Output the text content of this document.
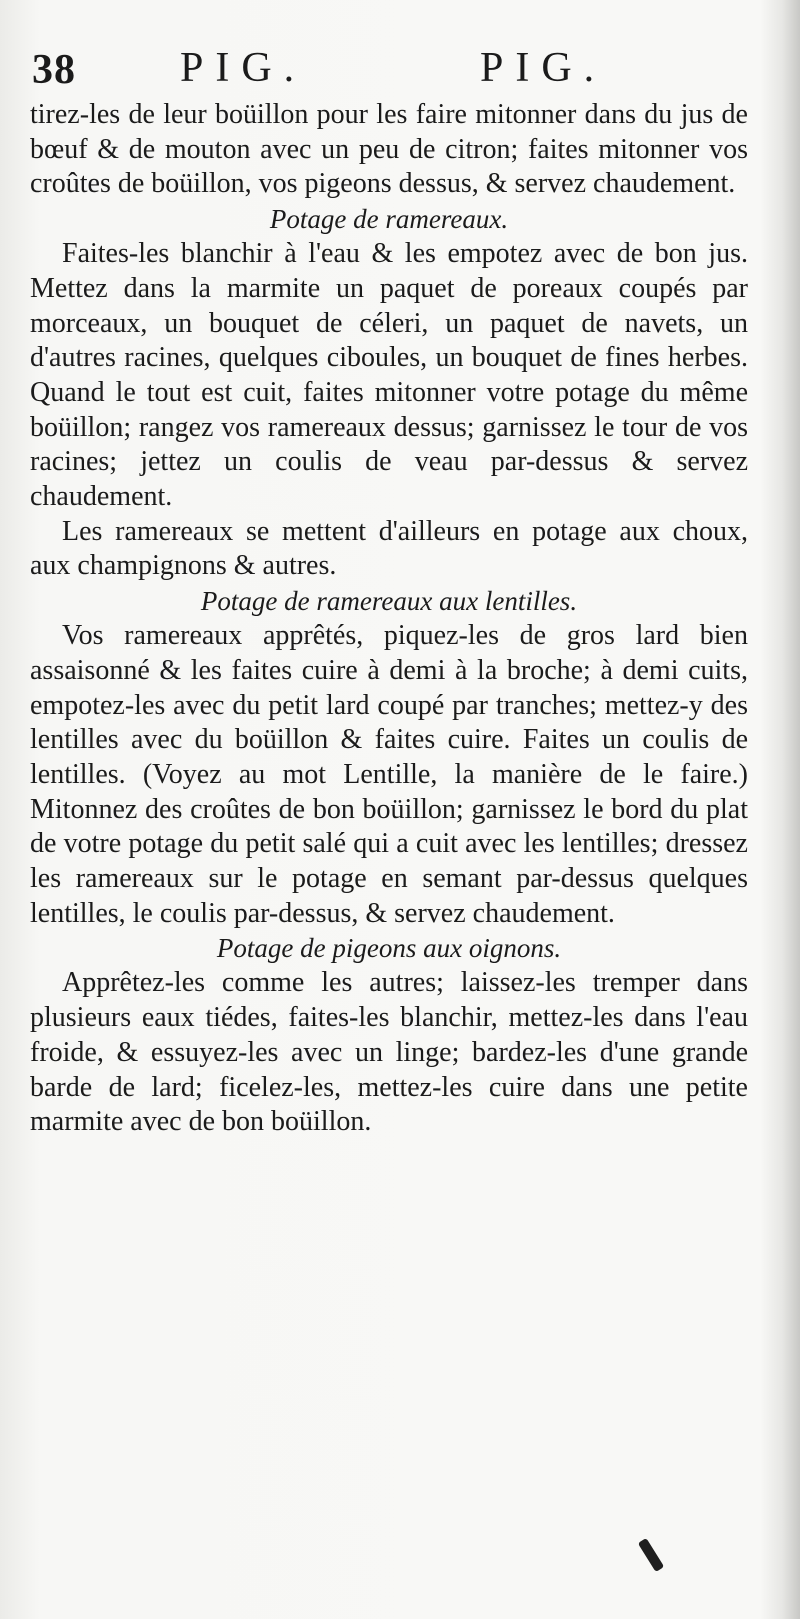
38 PIG.	PIG.

tirez-les de leur boüillon pour les faire mitonner dans du jus de bœuf & de mouton avec un peu de citron; faites mitonner vos croûtes de boüillon, vos pigeons dessus, & servez chaudement.

Potage de ramereaux.

Faites-les blanchir à l'eau & les empotez avec de bon jus. Mettez dans la marmite un paquet de poreaux coupés par morceaux, un bouquet de céleri, un paquet de navets, un d'autres racines, quelques ciboules, un bouquet de fines herbes. Quand le tout est cuit, faites mitonner votre potage du même boüillon; rangez vos ramereaux dessus; garnissez le tour de vos racines; jettez un coulis de veau par-dessus & servez chaudement.

Les ramereaux se mettent d'ailleurs en potage aux choux, aux champignons & autres.

Potage de ramereaux aux lentilles.

Vos ramereaux apprêtés, piquez-les de gros lard bien assaisonné & les faites cuire à demi à la broche; à demi cuits, empotez-les avec du petit lard coupé par tranches; mettez-y des lentilles avec du boüillon & faites cuire. Faites un coulis de lentilles. (Voyez au mot Lentille, la manière de le faire.) Mitonnez des croûtes de bon boüillon; garnissez le bord du plat de votre potage du petit salé qui a cuit avec les lentilles; dressez les ramereaux sur le potage en semant par-dessus quelques lentilles, le coulis par-dessus, & servez chaudement.

Potage de pigeons aux oignons.

Apprêtez-les comme les autres; laissez-les tremper dans plusieurs eaux tiédes, faites-les blanchir, mettez-les dans l'eau froide, & essuyez-les avec un linge; bardez-les d'une grande barde de lard; ficelez-les, mettez-les cuire dans une petite marmite avec de bon boüillon.
